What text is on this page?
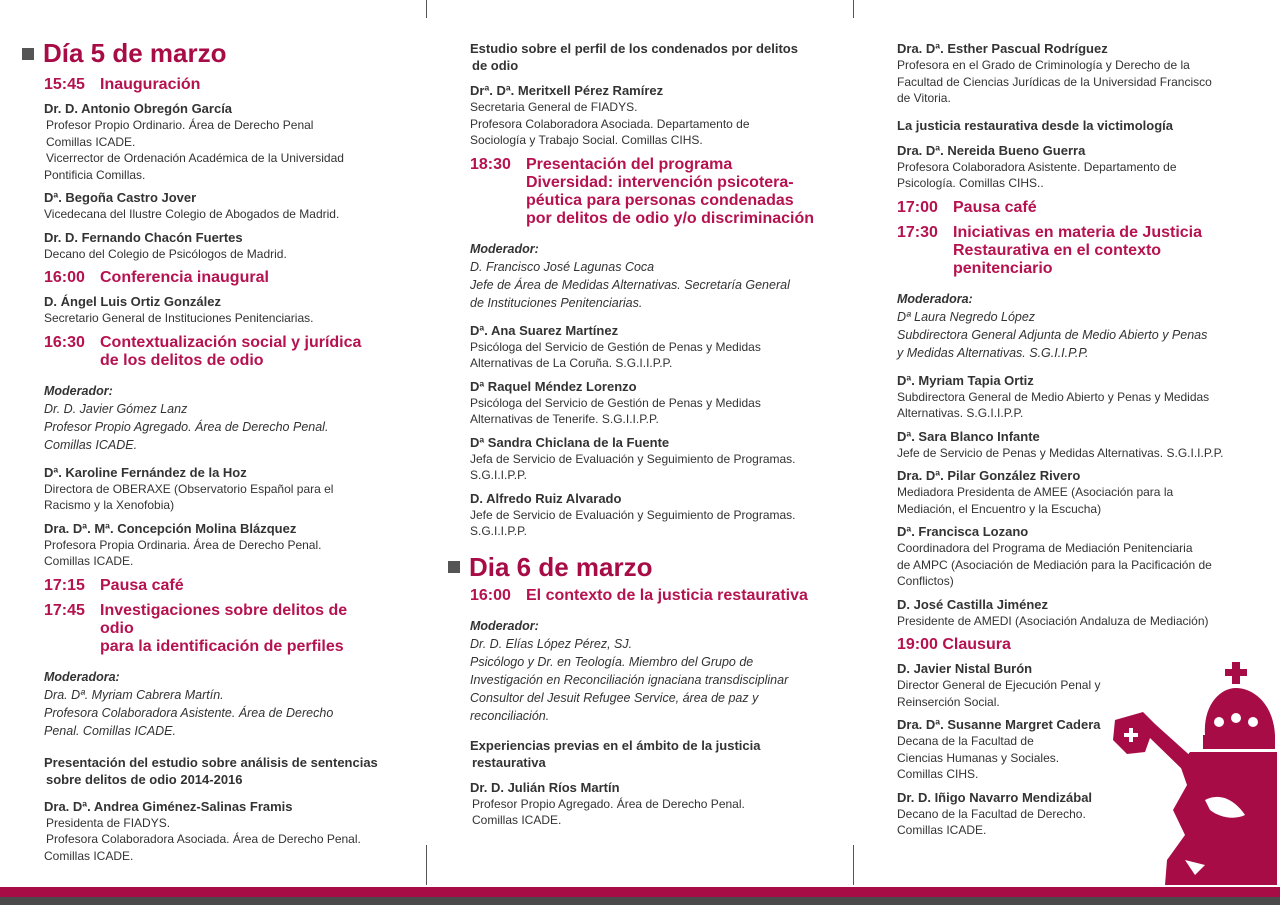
Día 5 de marzo
15:45 Inauguración
Dr. D. Antonio Obregón García
Profesor Propio Ordinario. Área de Derecho Penal
Comillas ICADE.
Vicerrector de Ordenación Académica de la Universidad
Pontificia Comillas.
Dª. Begoña Castro Jover
Vicedecana del Ilustre Colegio de Abogados de Madrid.
Dr. D. Fernando Chacón Fuertes
Decano del Colegio de Psicólogos de Madrid.
16:00 Conferencia inaugural
D. Ángel Luis Ortiz González
Secretario General de Instituciones Penitenciarias.
16:30 Contextualización social y jurídica
de los delitos de odio
Moderador:
Dr. D. Javier Gómez Lanz
Profesor Propio Agregado. Área de Derecho Penal.
Comillas ICADE.
Dª. Karoline Fernández de la Hoz
Directora de OBERAXE (Observatorio Español para el
Racismo y la Xenofobia)
Dra. Dª. Mª. Concepción Molina Blázquez
Profesora Propia Ordinaria. Área de Derecho Penal.
Comillas ICADE.
17:15 Pausa café
17:45 Investigaciones sobre delitos de odio
para la identificación de perfiles
Moderadora:
Dra. Dª. Myriam Cabrera Martín.
Profesora Colaboradora Asistente. Área de Derecho
Penal. Comillas ICADE.
Presentación del estudio sobre análisis de sentencias
sobre delitos de odio 2014-2016
Dra. Dª. Andrea Giménez-Salinas Framis
Presidenta de FIADYS.
Profesora Colaboradora Asociada. Área de Derecho Penal.
Comillas ICADE.
Estudio sobre el perfil de los condenados por delitos
de odio
Drª. Dª. Meritxell Pérez Ramírez
Secretaria General de FIADYS.
Profesora Colaboradora Asociada. Departamento de
Sociología y Trabajo Social. Comillas CIHS.
18:30 Presentación del programa
Diversidad: intervención psicotera-
péutica para personas condenadas
por delitos de odio y/o discriminación
Moderador:
D. Francisco José Lagunas Coca
Jefe de Área de Medidas Alternativas. Secretaría General
de Instituciones Penitenciarias.
Dª. Ana Suarez Martínez
Psicóloga del Servicio de Gestión de Penas y Medidas
Alternativas de La Coruña. S.G.I.I.P.P.
Dª Raquel Méndez Lorenzo
Psicóloga del Servicio de Gestión de Penas y Medidas
Alternativas de Tenerife. S.G.I.I.P.P.
Dª Sandra Chiclana de la Fuente
Jefa de Servicio de Evaluación y Seguimiento de Programas.
S.G.I.I.P.P.
D. Alfredo Ruiz Alvarado
Jefe de Servicio de Evaluación y Seguimiento de Programas.
S.G.I.I.P.P.
Dia 6 de marzo
16:00 El contexto de la justicia restaurativa
Moderador:
Dr. D. Elías López Pérez, SJ.
Psicólogo y Dr. en Teología. Miembro del Grupo de
Investigación en Reconciliación ignaciana transdisciplinar
Consultor del Jesuit Refugee Service, área de paz y
reconciliación.
Experiencias previas en el ámbito de la justicia
restaurativa
Dr. D. Julián Ríos Martín
Profesor Propio Agregado. Área de Derecho Penal.
Comillas ICADE.
Dra. Dª. Esther Pascual Rodríguez
Profesora en el Grado de Criminología y Derecho de la
Facultad de Ciencias Jurídicas de la Universidad Francisco
de Vitoria.
La justicia restaurativa desde la victimología
Dra. Dª. Nereida Bueno Guerra
Profesora Colaboradora Asistente. Departamento de
Psicología. Comillas CIHS..
17:00 Pausa café
17:30 Iniciativas en materia de Justicia
Restaurativa en el contexto
penitenciario
Moderadora:
Dª Laura Negredo López
Subdirectora General Adjunta de Medio Abierto y Penas
y Medidas Alternativas. S.G.I.I.P.P.
Dª. Myriam Tapia Ortiz
Subdirectora General de Medio Abierto y Penas y Medidas
Alternativas. S.G.I.I.P.P.
Dª. Sara Blanco Infante
Jefe de Servicio de Penas y Medidas Alternativas. S.G.I.I.P.P.
Dra. Dª. Pilar González Rivero
Mediadora Presidenta de AMEE (Asociación para la
Mediación, el Encuentro y la Escucha)
Dª. Francisca Lozano
Coordinadora del Programa de Mediación Penitenciaria
de AMPC (Asociación de Mediación para la Pacificación de
Conflictos)
D. José Castilla Jiménez
Presidente de AMEDI (Asociación Andaluza de Mediación)
19:00 Clausura
D. Javier Nistal Burón
Director General de Ejecución Penal y
Reinserción Social.
Dra. Dª. Susanne Margret Cadera
Decana de la Facultad de
Ciencias Humanas y Sociales.
Comillas CIHS.
Dr. D. Iñigo Navarro Mendizábal
Decano de la Facultad de Derecho.
Comillas ICADE.
